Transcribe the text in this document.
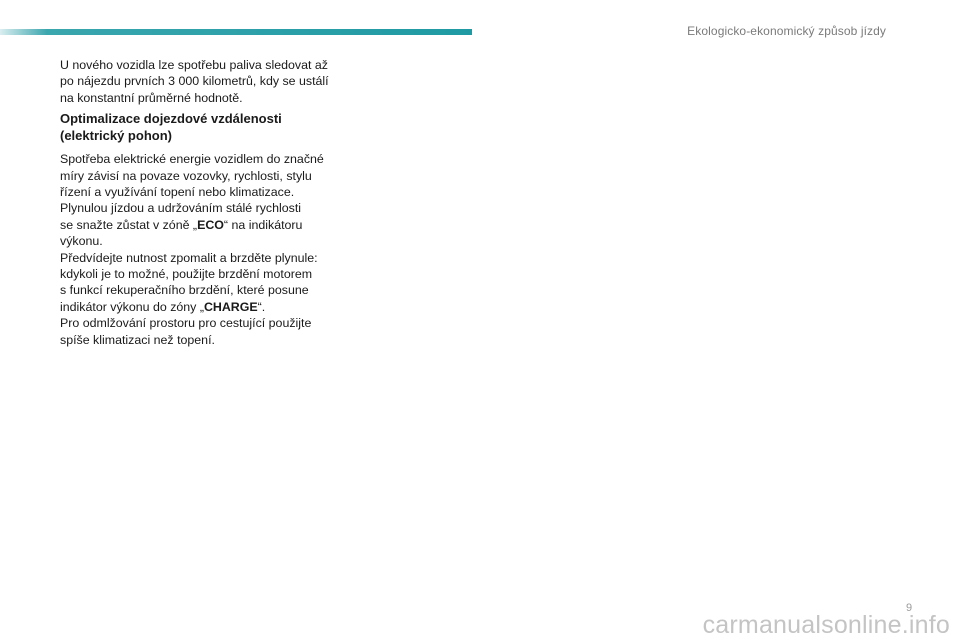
Ekologicko-ekonomický způsob jízdy

U nového vozidla lze spotřebu paliva sledovat až
po nájezdu prvních 3 000 kilometrů, kdy se ustálí
na konstantní průměrné hodnotě.

Optimalizace dojezdové vzdálenosti
(elektrický pohon)

Spotřeba elektrické energie vozidlem do značné
míry závisí na povaze vozovky, rychlosti, stylu
řízení a využívání topení nebo klimatizace.
Plynulou jízdou a udržováním stálé rychlosti
se snažte zůstat v zóně „ECO“ na indikátoru
výkonu.
Předvídejte nutnost zpomalit a brzděte plynule:
kdykoli je to možné, použijte brzdění motorem
s funkcí rekuperačního brzdění, které posune
indikátor výkonu do zóny „CHARGE“.
Pro odmlžování prostoru pro cestující použijte
spíše klimatizaci než topení.

9
carmanualsonline.info
